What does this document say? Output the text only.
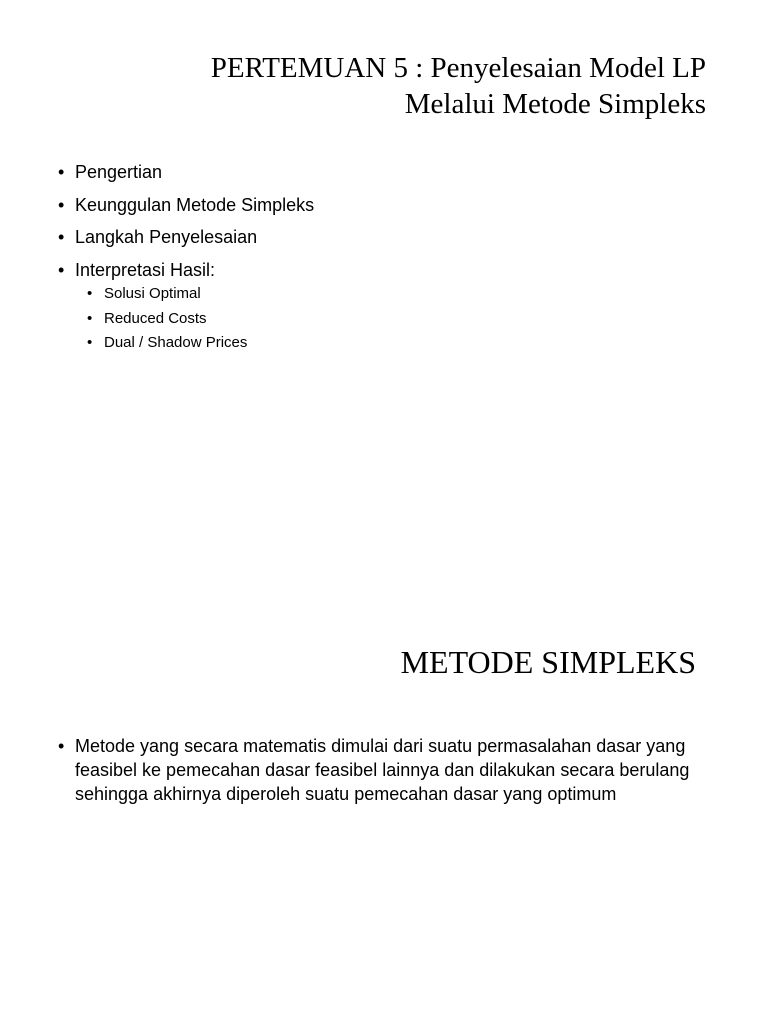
PERTEMUAN 5 : Penyelesaian Model LP
Melalui Metode Simpleks
• Pengertian
• Keunggulan Metode Simpleks
• Langkah Penyelesaian
• Interpretasi Hasil:
• Solusi Optimal
• Reduced Costs
• Dual / Shadow Prices
METODE SIMPLEKS
• Metode yang secara matematis dimulai dari suatu permasalahan dasar yang feasibel ke pemecahan dasar feasibel lainnya dan dilakukan secara berulang sehingga akhirnya diperoleh suatu pemecahan dasar yang optimum
